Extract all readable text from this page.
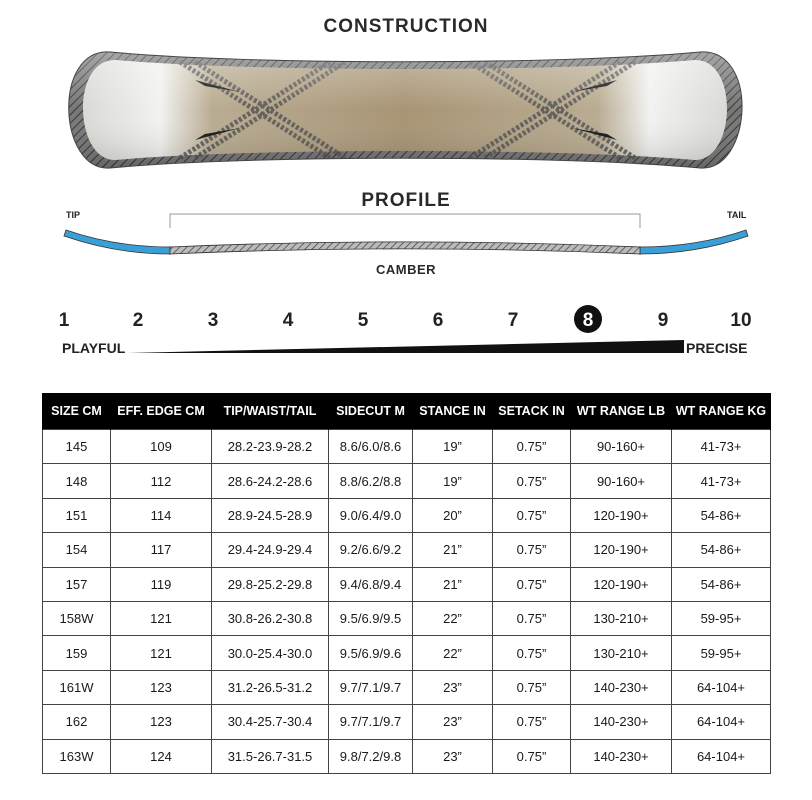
CONSTRUCTION
PROFILE
TIP	TAIL
CAMBER
1	2	3	4	5	6	7	8	9	10
PLAYFUL	PRECISE
SIZE CM	EFF. EDGE CM	TIP/WAIST/TAIL	SIDECUT M	STANCE IN	SETACK IN	WT RANGE LB	WT RANGE KG
145	109	28.2-23.9-28.2	8.6/6.0/8.6	19”	0.75”	90-160+	41-73+
148	112	28.6-24.2-28.6	8.8/6.2/8.8	19”	0.75”	90-160+	41-73+
151	114	28.9-24.5-28.9	9.0/6.4/9.0	20”	0.75”	120-190+	54-86+
154	117	29.4-24.9-29.4	9.2/6.6/9.2	21”	0.75”	120-190+	54-86+
157	119	29.8-25.2-29.8	9.4/6.8/9.4	21”	0.75”	120-190+	54-86+
158W	121	30.8-26.2-30.8	9.5/6.9/9.5	22”	0.75”	130-210+	59-95+
159	121	30.0-25.4-30.0	9.5/6.9/9.6	22”	0.75”	130-210+	59-95+
161W	123	31.2-26.5-31.2	9.7/7.1/9.7	23”	0.75”	140-230+	64-104+
162	123	30.4-25.7-30.4	9.7/7.1/9.7	23”	0.75”	140-230+	64-104+
163W	124	31.5-26.7-31.5	9.8/7.2/9.8	23”	0.75”	140-230+	64-104+
